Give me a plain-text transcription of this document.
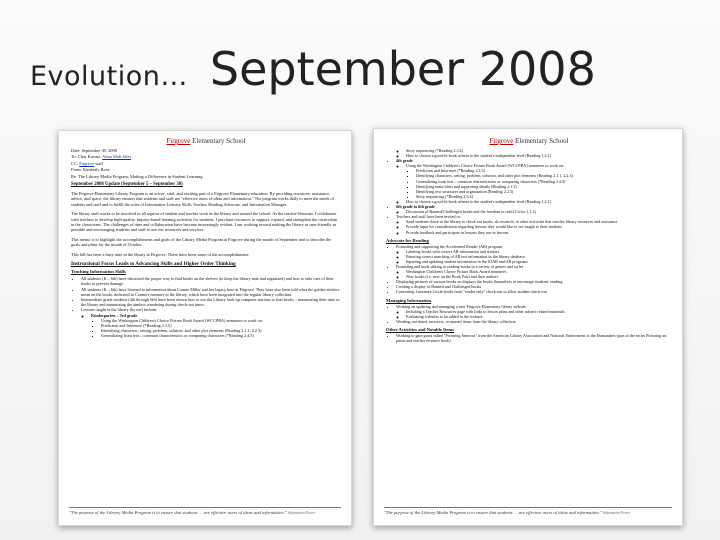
Evolution… September 2008
Firgrove Elementary School
Date: September 30, 2008
To: Char Krouse, Alma Mali-Idler
CC: Firgrove staff
From: Kimberly Rose
Re: The Library Media Program: Making a Difference in Student Learning
September 2008 Update (September 5 – September 30)

The Firgrove Elementary Library Program is an active, vital, and exciting part of a Firgrove Elementary education. By providing resources, assistance, advice, and space, the library ensures that students and staff are "effective users of ideas and information." The program works daily to meet the needs of students and staff and to fulfill the roles of Information Literacy Skills Teacher, Reading Advocate, and Information Manager.

The library staff works to be involved in all aspects of student and teacher work in the library and around the school. As the teacher-librarian, I collaborate with teachers to develop high-quality, inquiry-based learning activities for students. I purchase resources to support, expand, and strengthen the curriculum in the classrooms. The challenges of time and collaboration have become increasingly evident. I am working toward making the library as user-friendly as possible and encouraging students and staff to use our resources and services.

This memo is to highlight the accomplishments and goals of the Library Media Program at Firgrove during the month of September and to describe the goals and plans for the month of October.

This fall has been a busy time in the library at Firgrove. These have been some of the accomplishments:

Instructional Focus Leads to Advancing Skills and Higher Order Thinking
Teaching Information Skills
• All students (K – 6th) have discussed the proper way to find books on the shelves (to keep the library neat and organized) and how to take care of their books to prevent damage.
• All students (K – 6th) have listened to information about Connie Miller and her legacy here at Firgrove. They have also been told what the golden stickers mean on the books dedicated in Connie's memory to the library, which have been integrated into the regular library collection.
• Intermediate grade students (4th through 6th) have been shown how to use the Library look-up computer stations to find books – maximizing their time in the library and minimizing the aimless wandering during check-out times.
• Lessons taught in the library (by me) include:
◦ Kindergarten – 3rd grade
▪ Using the Washington Children's Choice Picture Book Award (WCCPBA) nominees to work on:
▪ Prediction and Inference (*Reading 2.3.5)
▪ Identifying characters, setting, problem, solution, and other plot elements (Reading 2.1.1, 2.2.3)
▪ Generalizing from text – common characteristics or comparing characters (*Reading 2.4.5)
"The purpose of the Library Media Program is to ensure that students … are effective users of ideas and information." Information Power
Firgrove Elementary School
◦ Story sequencing (*Reading 2.3.4)
◦ How to choose a good-fit book at/near to the student's independent level (Reading 1.2.1)
• 4th grade
◦ Using the Washington Children's Choice Picture Book Award (WCCPBA) nominees to work on:
▪ Prediction and Inference (*Reading 2.3.5)
▪ Identifying characters, setting, problem, solution, and other plot elements (Reading 2.1.1, 2.2.3)
▪ Generalizing from text – common characteristics or comparing characters (*Reading 2.4.5)
▪ Identifying main ideas and supporting details (Reading 2.1.3)
▪ Identifying text structures and organization (Reading 2.2.5)
▪ Story sequencing (*Reading 2.3.4)
◦ How to choose a good-fit book at/near to the student's independent level (Reading 1.2.1)
• 6th grade to 6th grade
◦ Discussion of Banned/Challenged books and the freedom to read (Civics 1.1.2)
• Teachers and staff have been invited to:
◦ Send students down to the library to check out books, do research, or other activities that involve library resources and assistance
◦ Provide input for consideration regarding lessons they would like to see taught to their students
◦ Provide feedback and participate in lessons they use in lessons
Advocate for Reading
• Promoting and supporting the Accelerated Reader (AR) program
◦ Labeling books with correct AR information and stickers
◦ Ensuring correct matching of AR test information in the library database
◦ Inputting and updating student information in the STAR and AR programs
• Promoting and book talking or reading books in a variety of genres and styles
◦ Washington Children's Choice Picture Book Award nominees
◦ New books (i.e. new on the Book Fair) and their authors
• Displaying pictures of various books on displays the books themselves to encourage students' reading
• Creating a display of Banned and Challenged books
• Converting Literature Circle books from "reader only" check-out to allow student check-out
Managing Information
• Working on updating and managing a new Firgrove Elementary library website
◦ Including a Teacher Resources page with links to lesson plans and other subject related materials
◦ Evaluating websites to be added to the website
• Weeding out-dated, incorrect, or unused items from the library collection
Other Activities and Notable Items
• Working to gain grant called "Picturing America" from the American Library Association and National Endowment of the Humanities (part of the series Picturing art prints and teacher resource book)
"The purpose of the Library Media Program is to ensure that students … are effective users of ideas and information." Information Power
